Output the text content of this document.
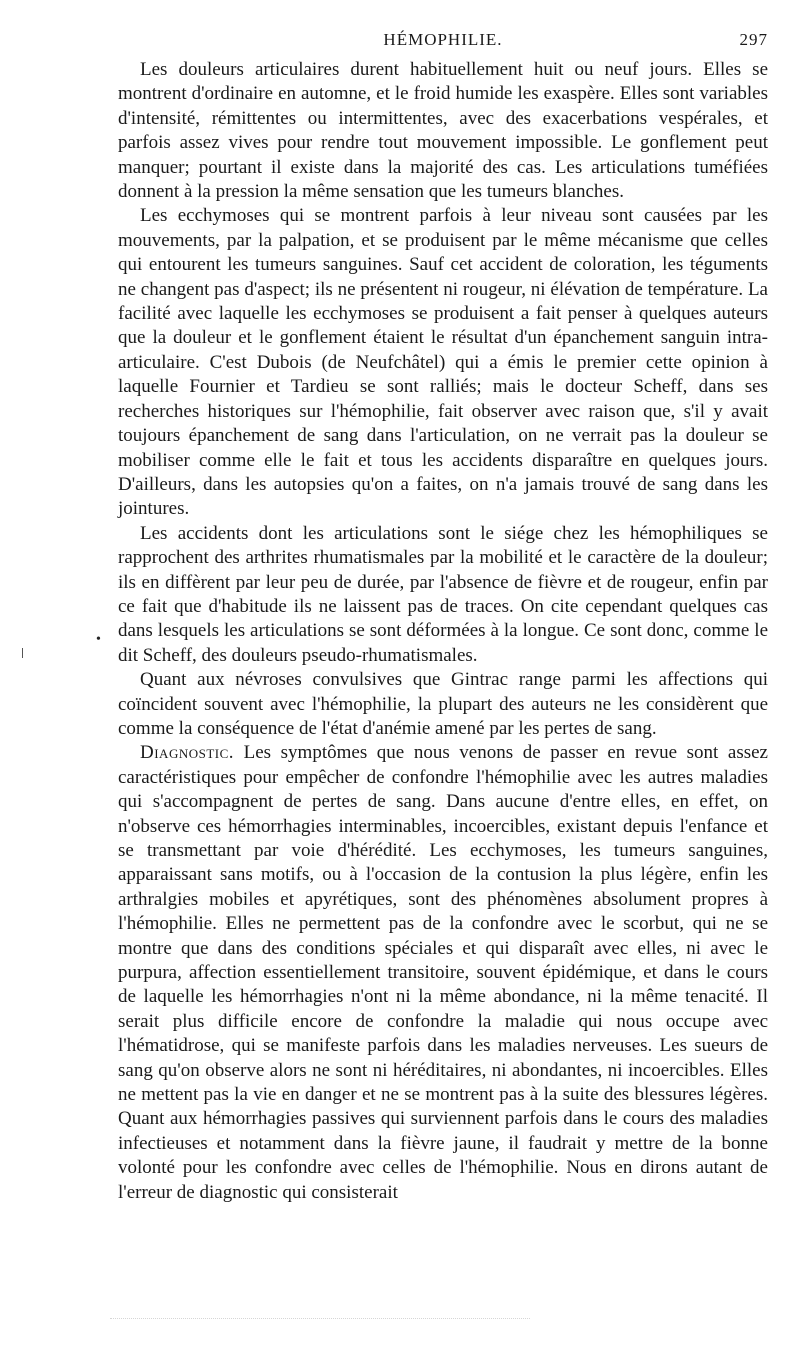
HÉMOPHILIE.	297

Les douleurs articulaires durent habituellement huit ou neuf jours. Elles se montrent d'ordinaire en automne, et le froid humide les exaspère. Elles sont variables d'intensité, rémittentes ou intermittentes, avec des exacerbations vespérales, et parfois assez vives pour rendre tout mouvement impossible. Le gonflement peut manquer; pourtant il existe dans la majorité des cas. Les articulations tuméfiées donnent à la pression la même sensation que les tumeurs blanches.

Les ecchymoses qui se montrent parfois à leur niveau sont causées par les mouvements, par la palpation, et se produisent par le même mécanisme que celles qui entourent les tumeurs sanguines. Sauf cet accident de coloration, les téguments ne changent pas d'aspect; ils ne présentent ni rougeur, ni élévation de température. La facilité avec laquelle les ecchymoses se produisent a fait penser à quelques auteurs que la douleur et le gonflement étaient le résultat d'un épanchement sanguin intra-articulaire. C'est Dubois (de Neufchâtel) qui a émis le premier cette opinion à laquelle Fournier et Tardieu se sont ralliés; mais le docteur Scheff, dans ses recherches historiques sur l'hémophilie, fait observer avec raison que, s'il y avait toujours épanchement de sang dans l'articulation, on ne verrait pas la douleur se mobiliser comme elle le fait et tous les accidents disparaître en quelques jours. D'ailleurs, dans les autopsies qu'on a faites, on n'a jamais trouvé de sang dans les jointures.

Les accidents dont les articulations sont le siége chez les hémophiliques se rapprochent des arthrites rhumatismales par la mobilité et le caractère de la douleur; ils en diffèrent par leur peu de durée, par l'absence de fièvre et de rougeur, enfin par ce fait que d'habitude ils ne laissent pas de traces. On cite cependant quelques cas dans lesquels les articulations se sont déformées à la longue. Ce sont donc, comme le dit Scheff, des douleurs pseudo-rhumatismales.

Quant aux névroses convulsives que Gintrac range parmi les affections qui coïncident souvent avec l'hémophilie, la plupart des auteurs ne les considèrent que comme la conséquence de l'état d'anémie amené par les pertes de sang.

Diagnostic. Les symptômes que nous venons de passer en revue sont assez caractéristiques pour empêcher de confondre l'hémophilie avec les autres maladies qui s'accompagnent de pertes de sang. Dans aucune d'entre elles, en effet, on n'observe ces hémorrhagies interminables, incoercibles, existant depuis l'enfance et se transmettant par voie d'hérédité. Les ecchymoses, les tumeurs sanguines, apparaissant sans motifs, ou à l'occasion de la contusion la plus légère, enfin les arthralgies mobiles et apyrétiques, sont des phénomènes absolument propres à l'hémophilie. Elles ne permettent pas de la confondre avec le scorbut, qui ne se montre que dans des conditions spéciales et qui disparaît avec elles, ni avec le purpura, affection essentiellement transitoire, souvent épidémique, et dans le cours de laquelle les hémorrhagies n'ont ni la même abondance, ni la même tenacité. Il serait plus difficile encore de confondre la maladie qui nous occupe avec l'hématidrose, qui se manifeste parfois dans les maladies nerveuses. Les sueurs de sang qu'on observe alors ne sont ni héréditaires, ni abondantes, ni incoercibles. Elles ne mettent pas la vie en danger et ne se montrent pas à la suite des blessures légères. Quant aux hémorrhagies passives qui surviennent parfois dans le cours des maladies infectieuses et notamment dans la fièvre jaune, il faudrait y mettre de la bonne volonté pour les confondre avec celles de l'hémophilie. Nous en dirons autant de l'erreur de diagnostic qui consisterait

•
